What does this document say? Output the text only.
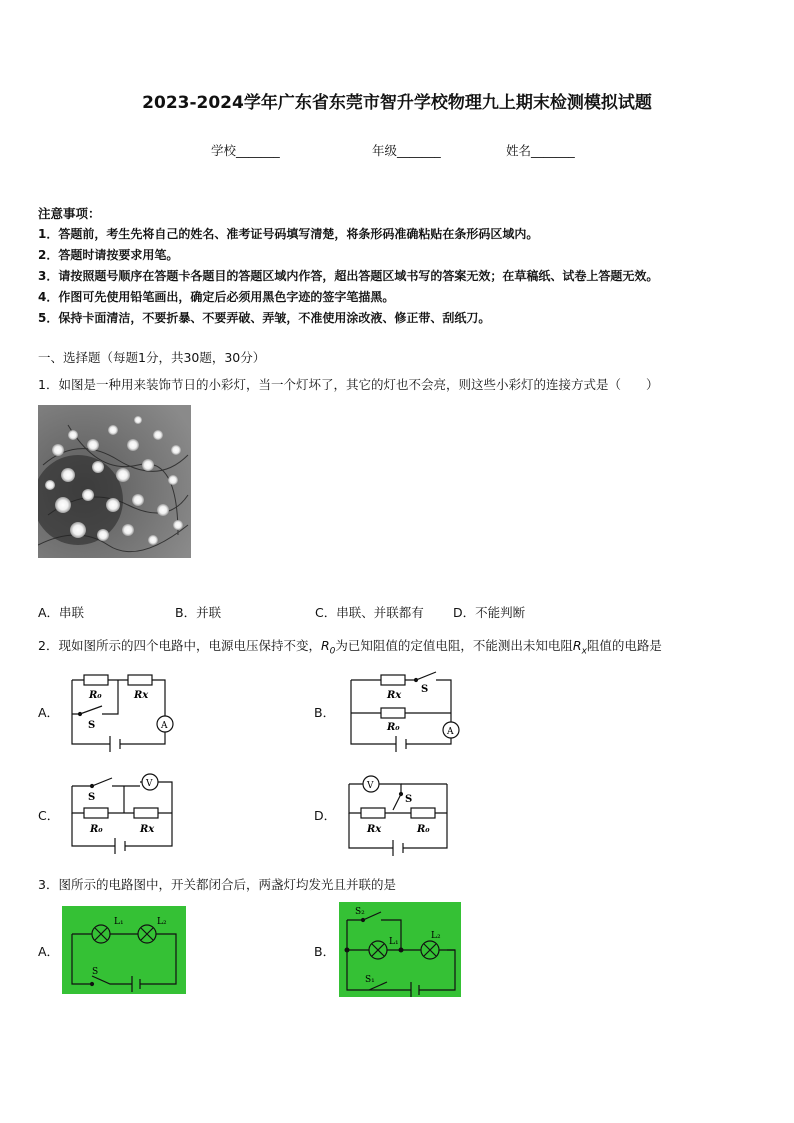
2023-2024学年广东省东莞市智升学校物理九上期末检测模拟试题
学校_______	年级_______	姓名_______
注意事项：
1．答题前，考生先将自己的姓名、准考证号码填写清楚，将条形码准确粘贴在条形码区域内。
2．答题时请按要求用笔。
3．请按照题号顺序在答题卡各题目的答题区域内作答，超出答题区域书写的答案无效；在草稿纸、试卷上答题无效。
4．作图可先使用铅笔画出，确定后必须用黑色字迹的签字笔描黑。
5．保持卡面清洁，不要折暴、不要弄破、弄皱，不准使用涂改液、修正带、刮纸刀。
一、选择题（每题1分，共30题，30分）
1．如图是一种用来装饰节日的小彩灯，当一个灯坏了，其它的灯也不会亮，则这些小彩灯的连接方式是（　　）
A．串联	B．并联	C．串联、并联都有 D．不能判断
2．现如图所示的四个电路中，电源电压保持不变，$R_0$为已知阻值的定值电阻，不能测出未知电阻$R_x$阻值的电路是
A．	B．
C．	D．
R₀	Rx
S	A
Rx
S
R₀	A
S
V
R₀	Rx
V
S
Rx	R₀
3．图所示的电路图中，开关都闭合后，两盏灯均发光且并联的是
A．	B．
L₁	L₂
S
S₂
L₁
L₂
S₁
